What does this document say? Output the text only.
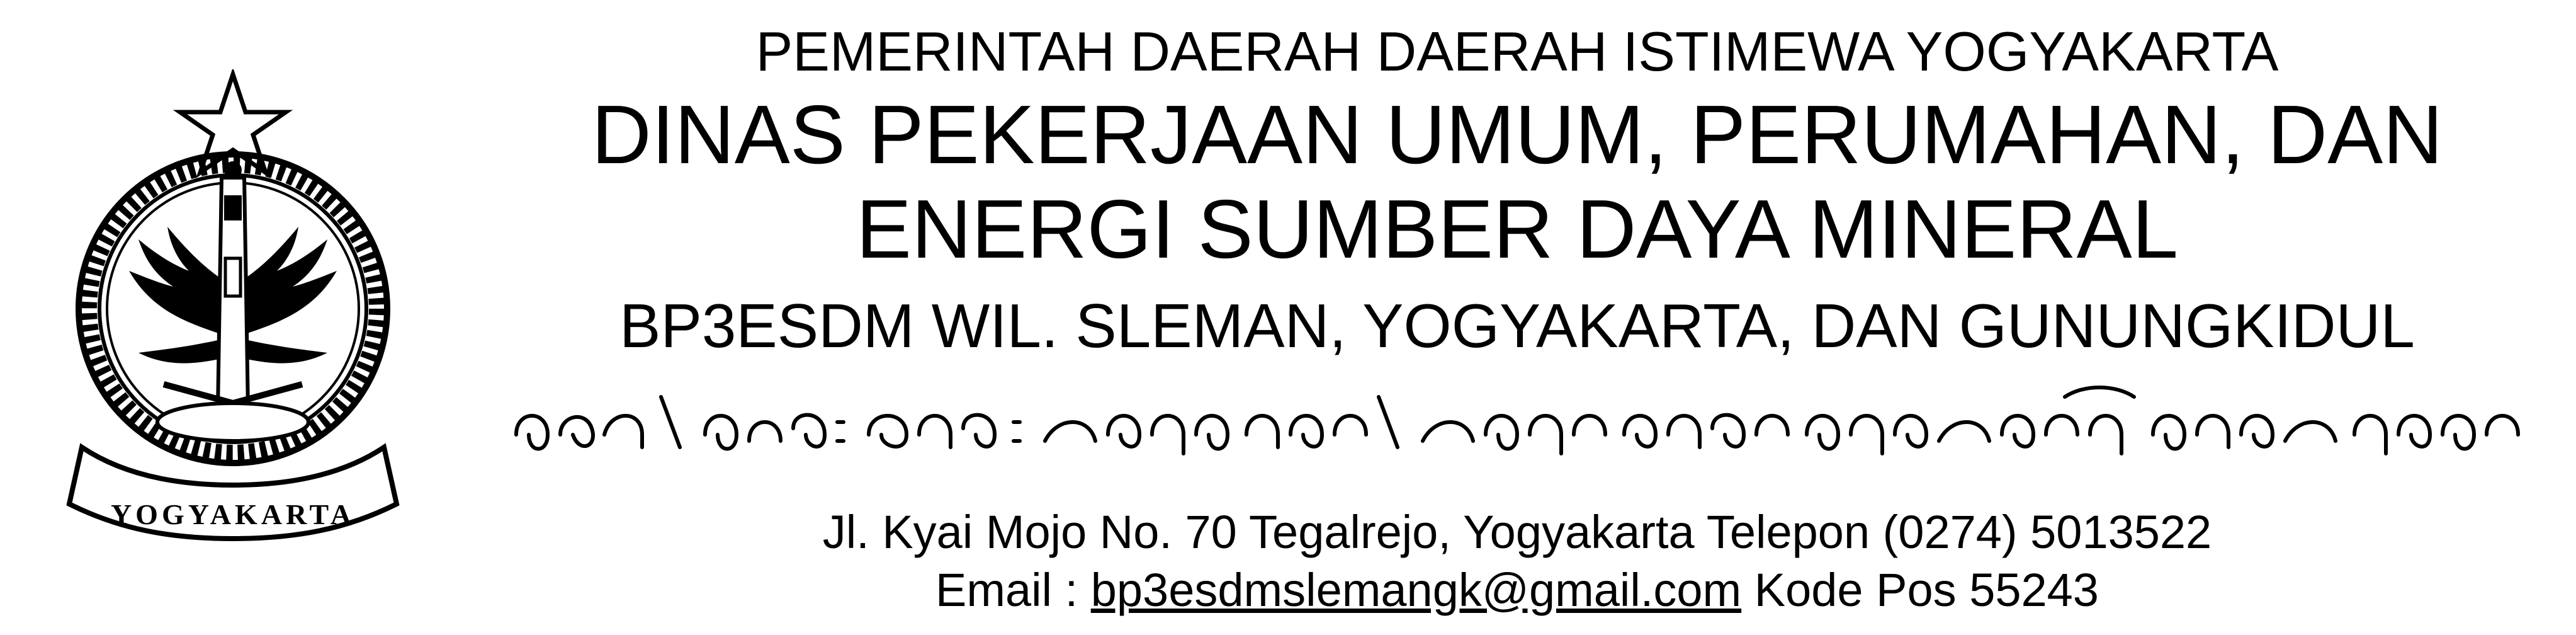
YOGYAKARTA
PEMERINTAH DAERAH DAERAH ISTIMEWA YOGYAKARTA
DINAS PEKERJAAN UMUM, PERUMAHAN, DAN
ENERGI SUMBER DAYA MINERAL
BP3ESDM WIL. SLEMAN, YOGYAKARTA, DAN GUNUNGKIDUL
Jl. Kyai Mojo No. 70 Tegalrejo, Yogyakarta Telepon (0274) 5013522
Email : bp3esdmslemangk@gmail.com Kode Pos 55243
